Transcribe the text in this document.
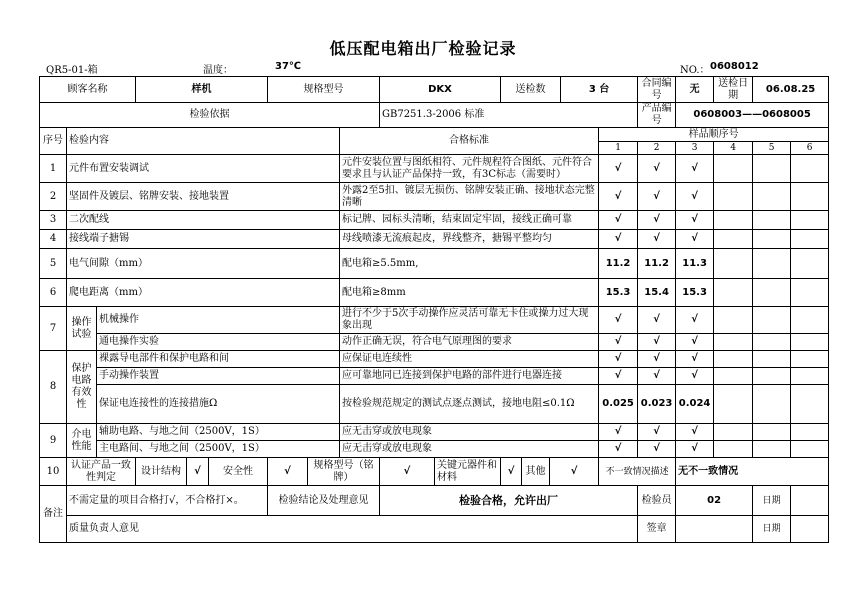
低压配电箱出厂检验记录
QR5-01-箱	温度：	37℃	NO.： 0608012
顾客名称			样机			规格型号			DKX		送检数			3 台		合同编号	无	送检日期	06.08.25	
检验依据									GB7251.3-2006 标准							产品编号	0608003——0608005			
序号	检验内容							合格标准							样品顺序号					
															1	2	3	4	5	6
1	元件布置安装调试							元件安装位置与图纸相符、元件规程符合图纸、元件符合要求且与认证产品保持一致，有3C标志（需要时）							√	√	√			
2	坚固件及镀层、铭牌安装、接地装置							外露2至5扣、镀层无损伤、铭牌安装正确、接地状态完整清晰							√	√	√			
3	二次配线							标记牌、园标头清晰，结束固定牢固，接线正确可靠							√	√	√			
4	接线端子搪锡							母线喷漆无流痕起皮，界线整齐，搪锡平整均匀							√	√	√			
5	电气间隙（mm）							配电箱≥5.5mm,							11.2	11.2	11.3			
6	爬电距离（mm）							配电箱≥8mm							15.3	15.4	15.3			
7	操作试验	机械操作						进行不少于5次手动操作应灵活可靠无卡住或操力过大现象出现							√	√	√			
		通电操作实验						动作正确无误，符合电气原理图的要求							√	√	√			
8	保护电路有效性	裸露导电部件和保护电路和间						应保证电连续性							√	√	√			
		手动操作装置						应可靠地同已连接到保护电路的部件进行电器连接							√	√	√			
		保证电连接性的连接措施Ω						按检验规范规定的测试点逐点测试，接地电阻≤0.1Ω							0.025	0.023	0.024			
9	介电性能	辅助电路、与地之间（2500V，1S）						应无击穿或放电现象							√	√	√			
		主电路间、与地之间（2500V，1S）						应无击穿或放电现象							√	√	√			
10	认证产品一致性判定		设计结构	√	安全性	√	规格型号（铭牌）		√	关键元器件和材料	√	其他	√		不一致情况描述		无不一致情况			
备注	不需定量的项目合格打√，不合格打×。					检验结论及处理意见			检验合格，允许出厂							检验员	02		日期	
	质量负责人意见															签章			日期	
